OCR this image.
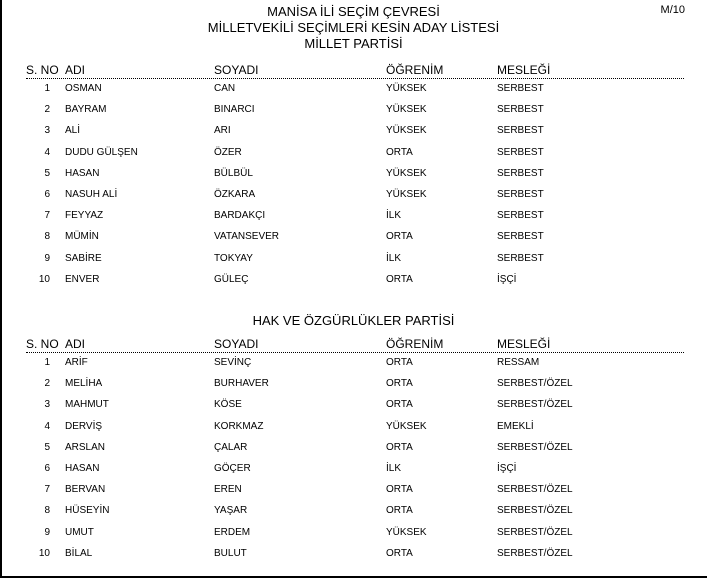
M/10
MANİSA İLİ SEÇİM ÇEVRESİ
MİLLETVEKİLİ SEÇİMLERİ KESİN ADAY LİSTESİ
MİLLET PARTİSİ
S. NO ADI	SOYADI	ÖĞRENİM	MESLEĞİ
1 OSMAN	CAN	YÜKSEK	SERBEST
2 BAYRAM	BINARCI	YÜKSEK	SERBEST
3 ALİ	ARI	YÜKSEK	SERBEST
4 DUDU GÜLŞEN	ÖZER	ORTA	SERBEST
5 HASAN	BÜLBÜL	YÜKSEK	SERBEST
6 NASUH ALİ	ÖZKARA	YÜKSEK	SERBEST
7 FEYYAZ	BARDAKÇI	İLK	SERBEST
8 MÜMİN	VATANSEVER	ORTA	SERBEST
9 SABİRE	TOKYAY	İLK	SERBEST
10 ENVER	GÜLEÇ	ORTA	İŞÇİ
HAK VE ÖZGÜRLÜKLER PARTİSİ
S. NO ADI	SOYADI	ÖĞRENİM	MESLEĞİ
1 ARİF	SEVİNÇ	ORTA	RESSAM
2 MELİHA	BURHAVER	ORTA	SERBEST/ÖZEL
3 MAHMUT	KÖSE	ORTA	SERBEST/ÖZEL
4 DERVİŞ	KORKMAZ	YÜKSEK	EMEKLİ
5 ARSLAN	ÇALAR	ORTA	SERBEST/ÖZEL
6 HASAN	GÖÇER	İLK	İŞÇİ
7 BERVAN	EREN	ORTA	SERBEST/ÖZEL
8 HÜSEYİN	YAŞAR	ORTA	SERBEST/ÖZEL
9 UMUT	ERDEM	YÜKSEK	SERBEST/ÖZEL
10 BİLAL	BULUT	ORTA	SERBEST/ÖZEL
